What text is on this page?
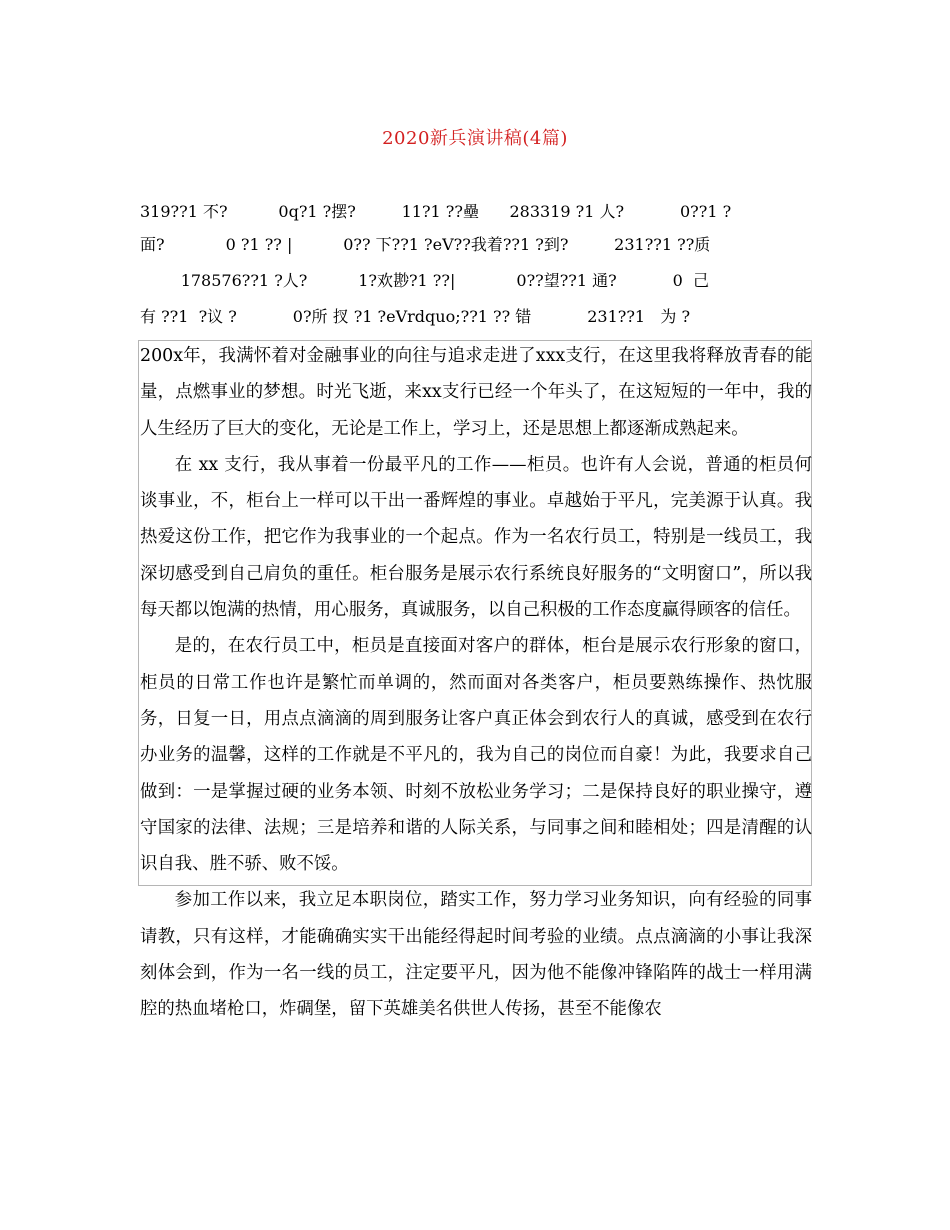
2020新兵演讲稿(4篇)
319??1 不?          0q?1 ?摆?         11?1 ??壘      283319 ?1 人?           0??1 ?
面?            0 ?1 ?? |          0?? 下??1 ?eV??我着??1 ?到?         231??1 ??质
178576??1 ?人?          1?欢尠?1 ??|            0??望??1 通?           0  己
有 ??1  ?议 ?           0?所 扠 ?1 ?eVrdquo;??1 ?? 错           231??1   为 ?

200x年，我满怀着对金融事业的向往与追求走进了xxx支行，在这里我将释放青春的能量，点燃事业的梦想。时光飞逝，来xx支行已经一个年头了，在这短短的一年中，我的人生经历了巨大的变化，无论是工作上，学习上，还是思想上都逐渐成熟起来。

在 xx 支行，我从事着一份最平凡的工作——柜员。也许有人会说，普通的柜员何谈事业，不，柜台上一样可以干出一番辉煌的事业。卓越始于平凡，完美源于认真。我热爱这份工作，把它作为我事业的一个起点。作为一名农行员工，特别是一线员工，我深切感受到自己肩负的重任。柜台服务是展示农行系统良好服务的“文明窗口”，所以我每天都以饱满的热情，用心服务，真诚服务，以自己积极的工作态度赢得顾客的信任。

是的，在农行员工中，柜员是直接面对客户的群体，柜台是展示农行形象的窗口，柜员的日常工作也许是繁忙而单调的，然而面对各类客户，柜员要熟练操作、热忱服务，日复一日，用点点滴滴的周到服务让客户真正体会到农行人的真诚，感受到在农行办业务的温馨，这样的工作就是不平凡的，我为自己的岗位而自豪！为此，我要求自己做到：一是掌握过硬的业务本领、时刻不放松业务学习；二是保持良好的职业操守，遵守国家的法律、法规；三是培养和谐的人际关系，与同事之间和睦相处；四是清醒的认识自我、胜不骄、败不馁。

参加工作以来，我立足本职岗位，踏实工作，努力学习业务知识，向有经验的同事请教，只有这样，才能确确实实干出能经得起时间考验的业绩。点点滴滴的小事让我深刻体会到，作为一名一线的员工，注定要平凡，因为他不能像冲锋陷阵的战士一样用满腔的热血堵枪口，炸碉堡，留下英雄美名供世人传扬，甚至不能像农
